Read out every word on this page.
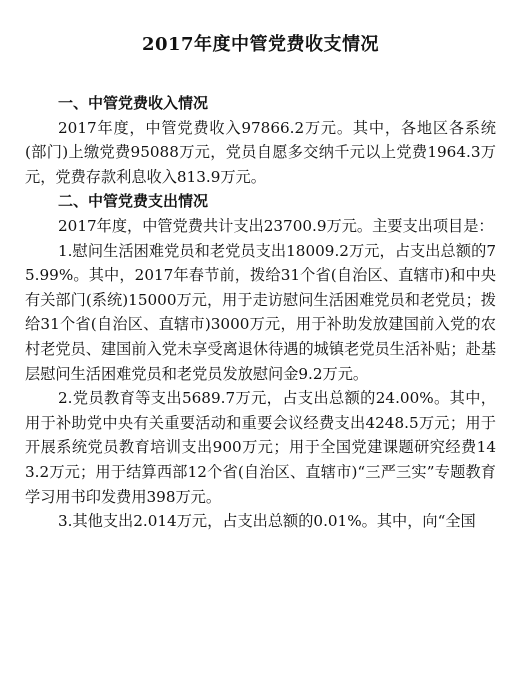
2017年度中管党费收支情况

一、中管党费收入情况

2017年度，中管党费收入97866.2万元。其中，各地区各系统(部门)上缴党费95088万元，党员自愿多交纳千元以上党费1964.3万元，党费存款利息收入813.9万元。

二、中管党费支出情况

2017年度，中管党费共计支出23700.9万元。主要支出项目是：

1.慰问生活困难党员和老党员支出18009.2万元，占支出总额的75.99%。其中，2017年春节前，拨给31个省(自治区、直辖市)和中央有关部门(系统)15000万元，用于走访慰问生活困难党员和老党员；拨给31个省(自治区、直辖市)3000万元，用于补助发放建国前入党的农村老党员、建国前入党未享受离退休待遇的城镇老党员生活补贴；赴基层慰问生活困难党员和老党员发放慰问金9.2万元。

2.党员教育等支出5689.7万元，占支出总额的24.00%。其中，用于补助党中央有关重要活动和重要会议经费支出4248.5万元；用于开展系统党员教育培训支出900万元；用于全国党建课题研究经费143.2万元；用于结算西部12个省(自治区、直辖市)“三严三实”专题教育学习用书印发费用398万元。

3.其他支出2.014万元，占支出总额的0.01%。其中，向“全国
